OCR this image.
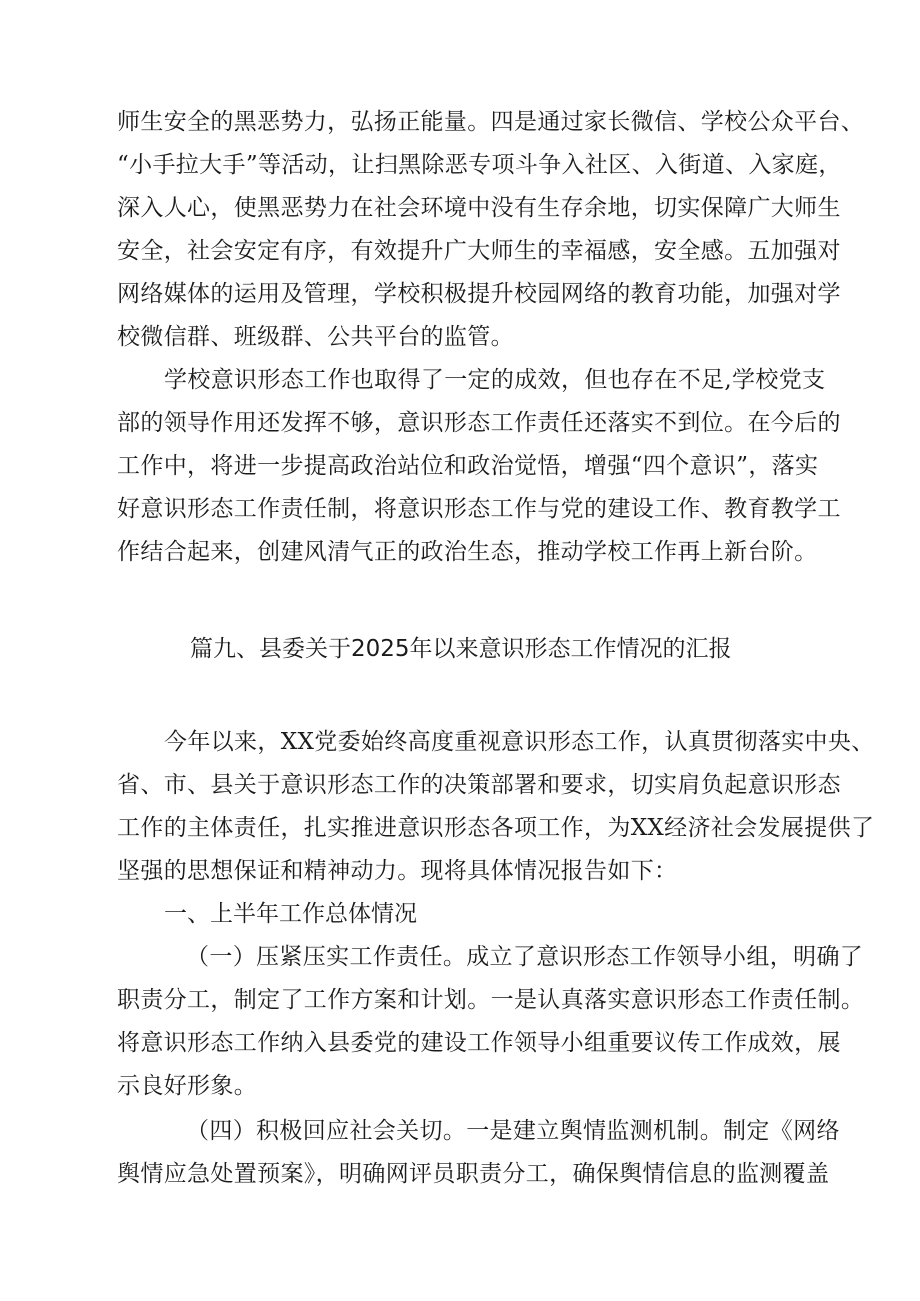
师生安全的黑恶势力，弘扬正能量。四是通过家长微信、学校公众平台、
“小手拉大手”等活动，让扫黑除恶专项斗争入社区、入街道、入家庭，
深入人心，使黑恶势力在社会环境中没有生存余地，切实保障广大师生
安全，社会安定有序，有效提升广大师生的幸福感，安全感。五加强对
网络媒体的运用及管理，学校积极提升校园网络的教育功能，加强对学
校微信群、班级群、公共平台的监管。
学校意识形态工作也取得了一定的成效，但也存在不足,学校党支
部的领导作用还发挥不够，意识形态工作责任还落实不到位。在今后的
工作中，将进一步提高政治站位和政治觉悟，增强“四个意识”，落实
好意识形态工作责任制，将意识形态工作与党的建设工作、教育教学工
作结合起来，创建风清气正的政治生态，推动学校工作再上新台阶。
篇九、县委关于2025年以来意识形态工作情况的汇报
今年以来，XX党委始终高度重视意识形态工作，认真贯彻落实中央、
省、市、县关于意识形态工作的决策部署和要求，切实肩负起意识形态
工作的主体责任，扎实推进意识形态各项工作，为XX经济社会发展提供了
坚强的思想保证和精神动力。现将具体情况报告如下：
一、上半年工作总体情况
（一）压紧压实工作责任。成立了意识形态工作领导小组，明确了
职责分工，制定了工作方案和计划。一是认真落实意识形态工作责任制。
将意识形态工作纳入县委党的建设工作领导小组重要议传工作成效，展
示良好形象。
（四）积极回应社会关切。一是建立舆情监测机制。制定《网络
舆情应急处置预案》，明确网评员职责分工，确保舆情信息的监测覆盖
